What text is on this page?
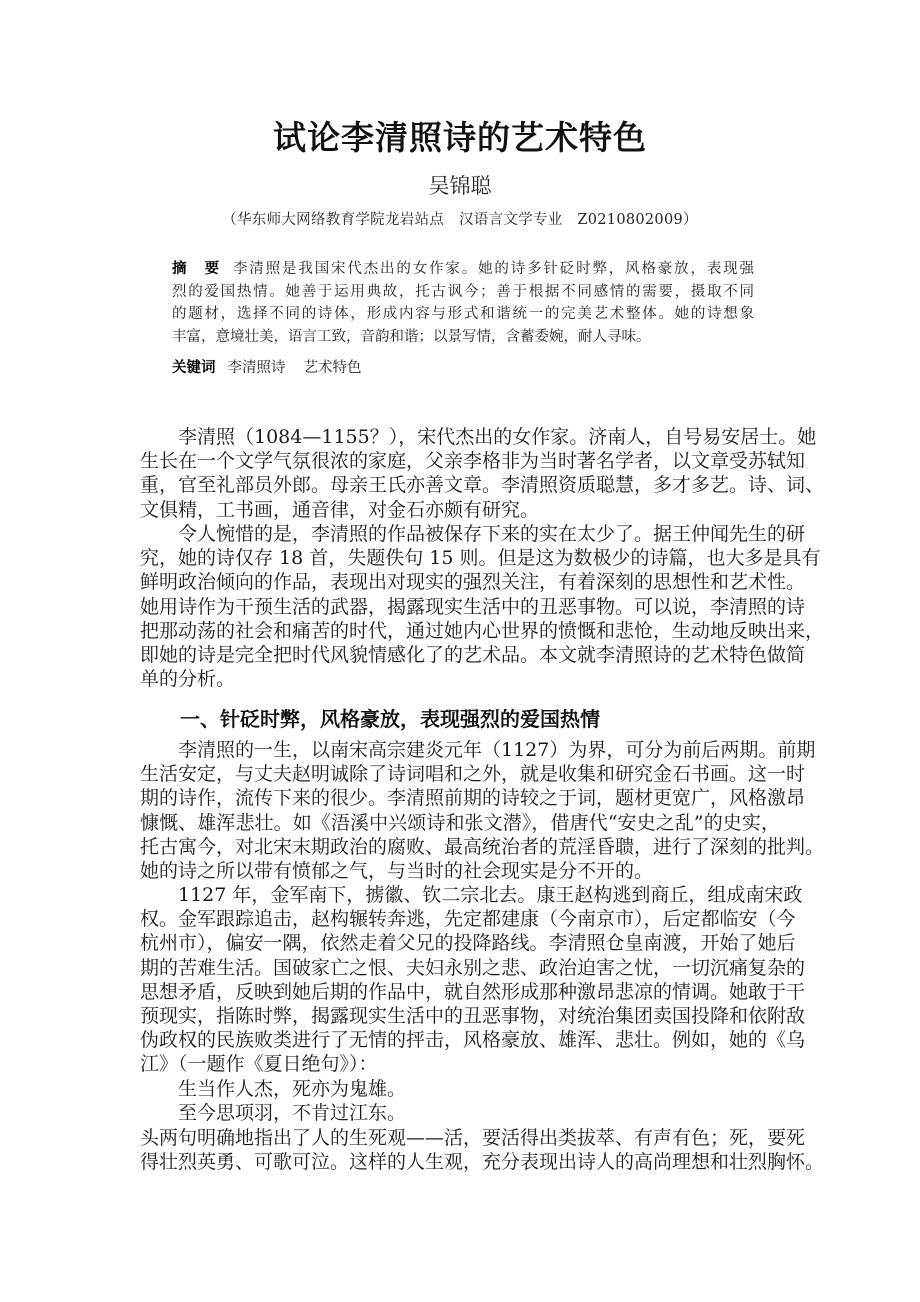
试论李清照诗的艺术特色
吴锦聪
（华东师大网络教育学院龙岩站点　汉语言文学专业　Z0210802009）
摘　要 李清照是我国宋代杰出的女作家。她的诗多针砭时弊，风格豪放，表现强
烈的爱国热情。她善于运用典故，托古讽今；善于根据不同感情的需要，摄取不同
的题材，选择不同的诗体，形成内容与形式和谐统一的完美艺术整体。她的诗想象
丰富，意境壮美，语言工致，音韵和谐；以景写情，含蓄委婉，耐人寻味。
关键词 李清照诗 艺术特色
李清照（1084—1155？），宋代杰出的女作家。济南人，自号易安居士。她
生长在一个文学气氛很浓的家庭，父亲李格非为当时著名学者，以文章受苏轼知
重，官至礼部员外郎。母亲王氏亦善文章。李清照资质聪慧，多才多艺。诗、词、
文俱精，工书画，通音律，对金石亦颇有研究。
令人惋惜的是，李清照的作品被保存下来的实在太少了。据王仲闻先生的研
究，她的诗仅存 18 首，失题佚句 15 则。但是这为数极少的诗篇，也大多是具有
鲜明政治倾向的作品，表现出对现实的强烈关注，有着深刻的思想性和艺术性。
她用诗作为干预生活的武器，揭露现实生活中的丑恶事物。可以说，李清照的诗
把那动荡的社会和痛苦的时代，通过她内心世界的愤慨和悲怆，生动地反映出来，
即她的诗是完全把时代风貌情感化了的艺术品。本文就李清照诗的艺术特色做简
单的分析。
一、针砭时弊，风格豪放，表现强烈的爱国热情
李清照的一生，以南宋高宗建炎元年（1127）为界，可分为前后两期。前期
生活安定，与丈夫赵明诚除了诗词唱和之外，就是收集和研究金石书画。这一时
期的诗作，流传下来的很少。李清照前期的诗较之于词，题材更宽广，风格激昂
慷慨、雄浑悲壮。如《浯溪中兴颂诗和张文潜》，借唐代“安史之乱”的史实，
托古寓今，对北宋末期政治的腐败、最高统治者的荒淫昏聩，进行了深刻的批判。
她的诗之所以带有愤郁之气，与当时的社会现实是分不开的。
1127 年，金军南下，掳徽、钦二宗北去。康王赵构逃到商丘，组成南宋政
权。金军跟踪追击，赵构辗转奔逃，先定都建康（今南京市），后定都临安（今
杭州市），偏安一隅，依然走着父兄的投降路线。李清照仓皇南渡，开始了她后
期的苦难生活。国破家亡之恨、夫妇永别之悲、政治迫害之忧，一切沉痛复杂的
思想矛盾，反映到她后期的作品中，就自然形成那种激昂悲凉的情调。她敢于干
预现实，指陈时弊，揭露现实生活中的丑恶事物，对统治集团卖国投降和依附敌
伪政权的民族败类进行了无情的抨击，风格豪放、雄浑、悲壮。例如，她的《乌
江》（一题作《夏日绝句》）：
生当作人杰，死亦为鬼雄。
至今思项羽，不肯过江东。
头两句明确地指出了人的生死观——活，要活得出类拔萃、有声有色；死，要死
得壮烈英勇、可歌可泣。这样的人生观，充分表现出诗人的高尚理想和壮烈胸怀。
